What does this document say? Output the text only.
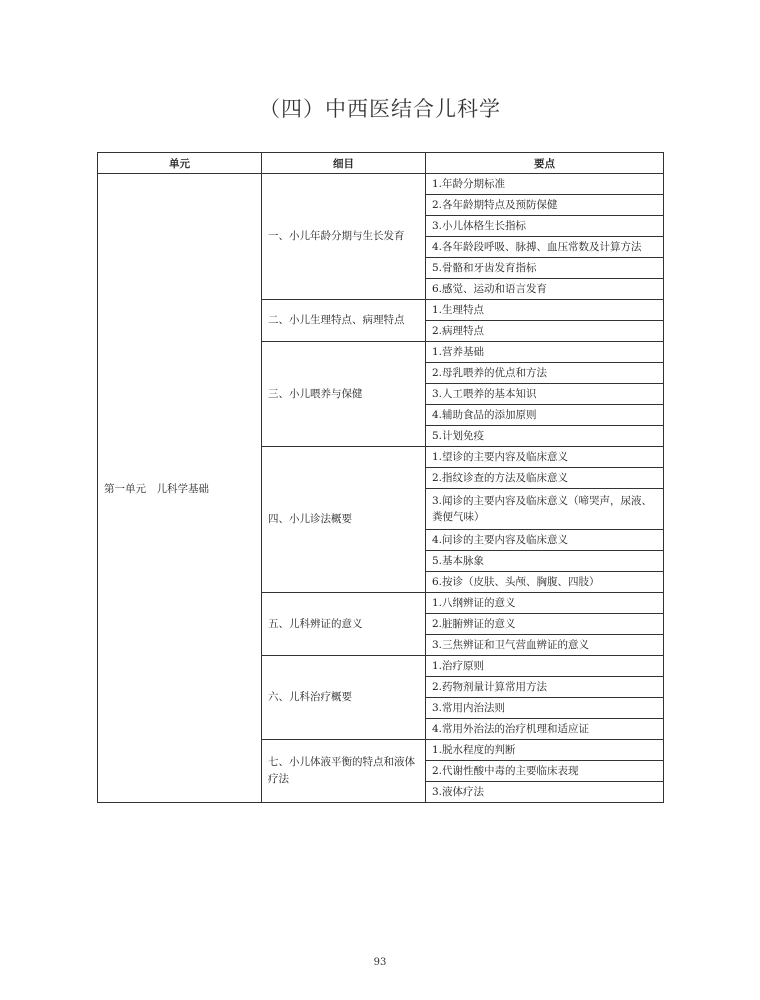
（四）中西医结合儿科学
单元	细目	要点
第一单元　儿科学基础	一、小儿年龄分期与生长发育	1.年龄分期标准
		2.各年龄期特点及预防保健
		3.小儿体格生长指标
		4.各年龄段呼吸、脉搏、血压常数及计算方法
		5.骨骼和牙齿发育指标
		6.感觉、运动和语言发育
	二、小儿生理特点、病理特点	1.生理特点
		2.病理特点
	三、小儿喂养与保健	1.营养基础
		2.母乳喂养的优点和方法
		3.人工喂养的基本知识
		4.辅助食品的添加原则
		5.计划免疫
	四、小儿诊法概要	1.望诊的主要内容及临床意义
		2.指纹诊查的方法及临床意义
		3.闻诊的主要内容及临床意义（啼哭声，尿液、粪便气味）
		4.问诊的主要内容及临床意义
		5.基本脉象
		6.按诊（皮肤、头颅、胸腹、四肢）
	五、儿科辨证的意义	1.八纲辨证的意义
		2.脏腑辨证的意义
		3.三焦辨证和卫气营血辨证的意义
	六、儿科治疗概要	1.治疗原则
		2.药物剂量计算常用方法
		3.常用内治法则
		4.常用外治法的治疗机理和适应证
	七、小儿体液平衡的特点和液体疗法	1.脱水程度的判断
		2.代谢性酸中毒的主要临床表现
		3.液体疗法
93
